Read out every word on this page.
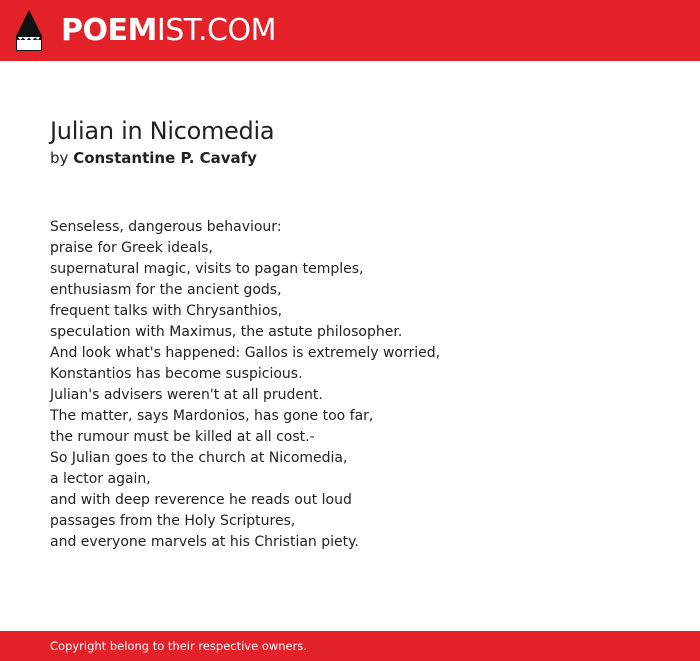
POEMIST.COM
Julian in Nicomedia
by Constantine P. Cavafy
Senseless, dangerous behaviour:
praise for Greek ideals,
supernatural magic, visits to pagan temples,
enthusiasm for the ancient gods,
frequent talks with Chrysanthios,
speculation with Maximus, the astute philosopher.
And look what's happened: Gallos is extremely worried,
Konstantios has become suspicious.
Julian's advisers weren't at all prudent.
The matter, says Mardonios, has gone too far,
the rumour must be killed at all cost.-
So Julian goes to the church at Nicomedia,
a lector again,
and with deep reverence he reads out loud
passages from the Holy Scriptures,
and everyone marvels at his Christian piety.
Copyright belong to their respective owners.
